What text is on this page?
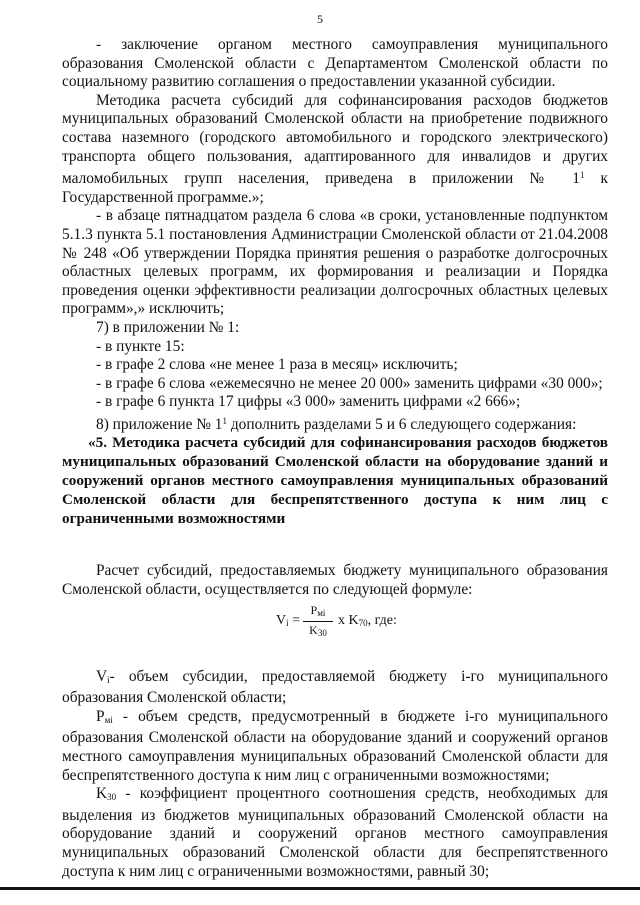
5

- заключение органом местного самоуправления муниципального образования Смоленской области с Департаментом Смоленской области по социальному развитию соглашения о предоставлении указанной субсидии.

Методика расчета субсидий для софинансирования расходов бюджетов муниципальных образований Смоленской области на приобретение подвижного состава наземного (городского автомобильного и городского электрического) транспорта общего пользования, адаптированного для инвалидов и других маломобильных групп населения, приведена в приложении № $1^1$ к Государственной программе.»;

- в абзаце пятнадцатом раздела 6 слова «в сроки, установленные подпунктом 5.1.3 пункта 5.1 постановления Администрации Смоленской области от 21.04.2008 № 248 «Об утверждении Порядка принятия решения о разработке долгосрочных областных целевых программ, их формирования и реализации и Порядка проведения оценки эффективности реализации долгосрочных областных целевых программ»,» исключить;

7) в приложении № 1:

- в пункте 15:

- в графе 2 слова «не менее 1 раза в месяц» исключить;

- в графе 6 слова «ежемесячно не менее 20 000» заменить цифрами «30 000»;

- в графе 6 пункта 17 цифры «3 000» заменить цифрами «2 666»;

8) приложение № $1^1$ дополнить разделами 5 и 6 следующего содержания:

«5. Методика расчета субсидий для софинансирования расходов бюджетов муниципальных образований Смоленской области на оборудование зданий и сооружений органов местного самоуправления муниципальных образований Смоленской области для беспрепятственного доступа к ним лиц с ограниченными возможностями

Расчет субсидий, предоставляемых бюджету муниципального образования Смоленской области, осуществляется по следующей формуле:

$V_i$ =
$P_{мi}$
$K_{30}$
x $K_{70}$, где:

$V_i-$ объем субсидии, предоставляемой бюджету i-го муниципального образования Смоленской области;

$P_{мi}$ - объем средств, предусмотренный в бюджете i-го муниципального образования Смоленской области на оборудование зданий и сооружений органов местного самоуправления муниципальных образований Смоленской области для беспрепятственного доступа к ним лиц с ограниченными возможностями;

$K_{30}$ - коэффициент процентного соотношения средств, необходимых для выделения из бюджетов муниципальных образований Смоленской области на оборудование зданий и сооружений органов местного самоуправления муниципальных образований Смоленской области для беспрепятственного доступа к ним лиц с ограниченными возможностями, равный 30;
